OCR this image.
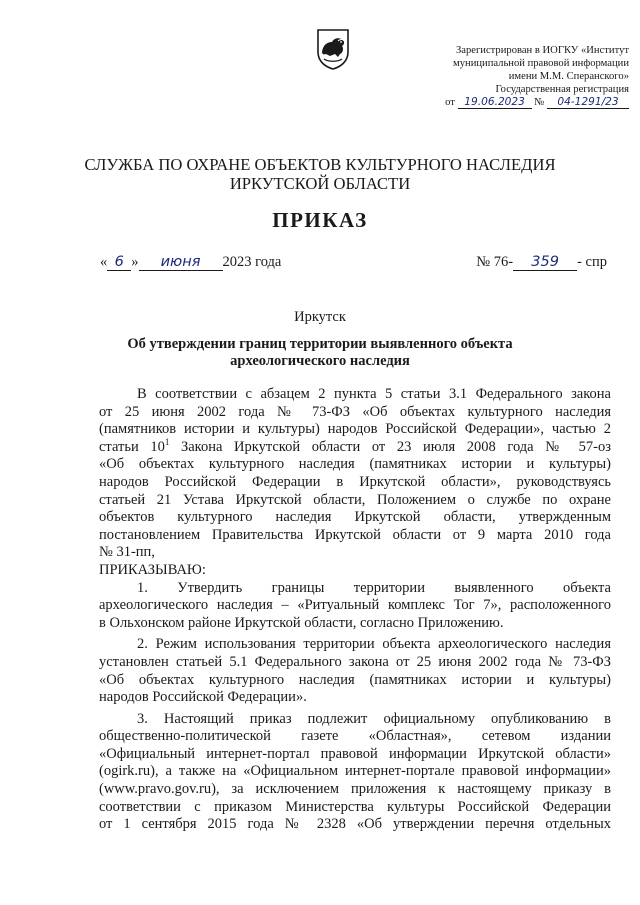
Зарегистрирован в ИОГКУ «Институт
муниципальной правовой информации
имени М.М. Сперанского»
Государственная регистрация
от 19.06.2023 № 04-1291/23
СЛУЖБА ПО ОХРАНЕ ОБЪЕКТОВ КУЛЬТУРНОГО НАСЛЕДИЯ
ИРКУТСКОЙ ОБЛАСТИ
ПРИКАЗ
« 6 » июня 2023 года	№ 76- 359 - спр
Иркутск
Об утверждении границ территории выявленного объекта
археологического наследия

В соответствии с абзацем 2 пункта 5 статьи 3.1 Федерального закона

от 25 июня 2002 года № 73-ФЗ «Об объектах культурного наследия

(памятников истории и культуры) народов Российской Федерации», частью 2

статьи $10^1$ Закона Иркутской области от 23 июля 2008 года № 57-оз

«Об объектах культурного наследия (памятниках истории и культуры)

народов Российской Федерации в Иркутской области», руководствуясь

статьей 21 Устава Иркутской области, Положением о службе по охране

объектов культурного наследия Иркутской области, утвержденным

постановлением Правительства Иркутской области от 9 марта 2010 года

№ 31-пп,

ПРИКАЗЫВАЮ:

1. Утвердить границы территории выявленного объекта

археологического наследия – «Ритуальный комплекс Тог 7», расположенного

в Ольхонском районе Иркутской области, согласно Приложению.

2. Режим использования территории объекта археологического наследия

установлен статьей 5.1 Федерального закона от 25 июня 2002 года № 73-ФЗ

«Об объектах культурного наследия (памятниках истории и культуры)

народов Российской Федерации».

3. Настоящий приказ подлежит официальному опубликованию в

общественно-политической газете «Областная», сетевом издании

«Официальный интернет-портал правовой информации Иркутской области»

(ogirk.ru), а также на «Официальном интернет-портале правовой информации»

(www.pravo.gov.ru), за исключением приложения к настоящему приказу в

соответствии с приказом Министерства культуры Российской Федерации

от 1 сентября 2015 года № 2328 «Об утверждении перечня отдельных
